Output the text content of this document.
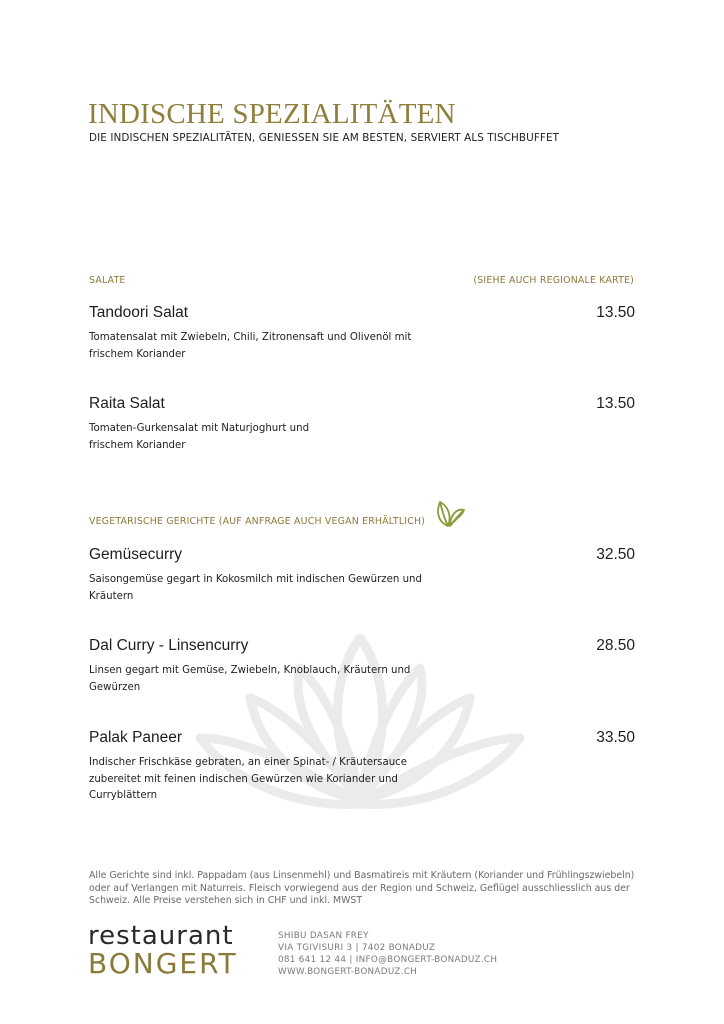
INDISCHE SPEZIALITÄTEN
DIE INDISCHEN SPEZIALITÄTEN, GENIESSEN SIE AM BESTEN, SERVIERT ALS TISCHBUFFET
SALATE	(SIEHE AUCH REGIONALE KARTE)
Tandoori Salat	13.50
Tomatensalat mit Zwiebeln, Chili, Zitronensaft und Olivenöl mit
frischem Koriander
Raita Salat	13.50
Tomaten-Gurkensalat mit Naturjoghurt und
frischem Koriander
VEGETARISCHE GERICHTE (AUF ANFRAGE AUCH VEGAN ERHÄLTLICH)
Gemüsecurry	32.50
Saisongemüse gegart in Kokosmilch mit indischen Gewürzen und
Kräutern
Dal Curry - Linsencurry	28.50
Linsen gegart mit Gemüse, Zwiebeln, Knoblauch, Kräutern und
Gewürzen
Palak Paneer	33.50
Indischer Frischkäse gebraten, an einer Spinat- / Kräutersauce
zubereitet mit feinen indischen Gewürzen wie Koriander und
Curryblättern
Alle Gerichte sind inkl. Pappadam (aus Linsenmehl) und Basmatireis mit Kräutern (Koriander und Frühlingszwiebeln)
oder auf Verlangen mit Naturreis. Fleisch vorwiegend aus der Region und Schweiz, Geflügel ausschliesslich aus der
Schweiz. Alle Preise verstehen sich in CHF und inkl. MWST
restaurant
BONGERT
SHIBU DASAN FREY
VIA TGIVISURI 3 | 7402 BONADUZ
081 641 12 44 | INFO@BONGERT-BONADUZ.CH
WWW.BONGERT-BONADUZ.CH
